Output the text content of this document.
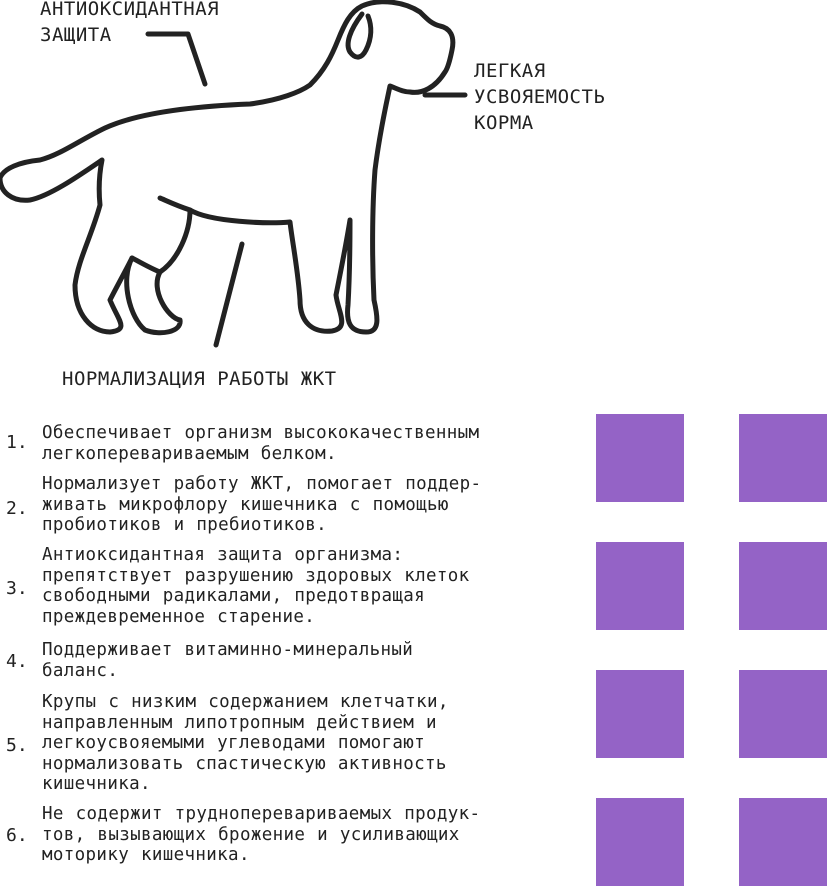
АНТИОКСИДАНТНАЯ
ЗАЩИТА
ЛЕГКАЯ
УСВОЯЕМОСТЬ
КОРМА
НОРМАЛИЗАЦИЯ РАБОТЫ ЖКТ
1. Обеспечивает организм высококачественным
легкоперевариваемым белком.
2.
Нормализует работу ЖКТ, помогает поддер-
живать микрофлору кишечника с помощью
пробиотиков и пребиотиков.
3.
Антиоксидантная защита организма:
препятствует разрушению здоровых клеток
свободными радикалами, предотвращая
преждевременное старение.
4.
Поддерживает витаминно-минеральный
баланс.
5.
Крупы с низким содержанием клетчатки,
направленным липотропным действием и
легкоусвояемыми углеводами помогают
нормализовать спастическую активность
кишечника.
6.
Не содержит трудноперевариваемых продук-
тов, вызывающих брожение и усиливающих
моторику кишечника.
